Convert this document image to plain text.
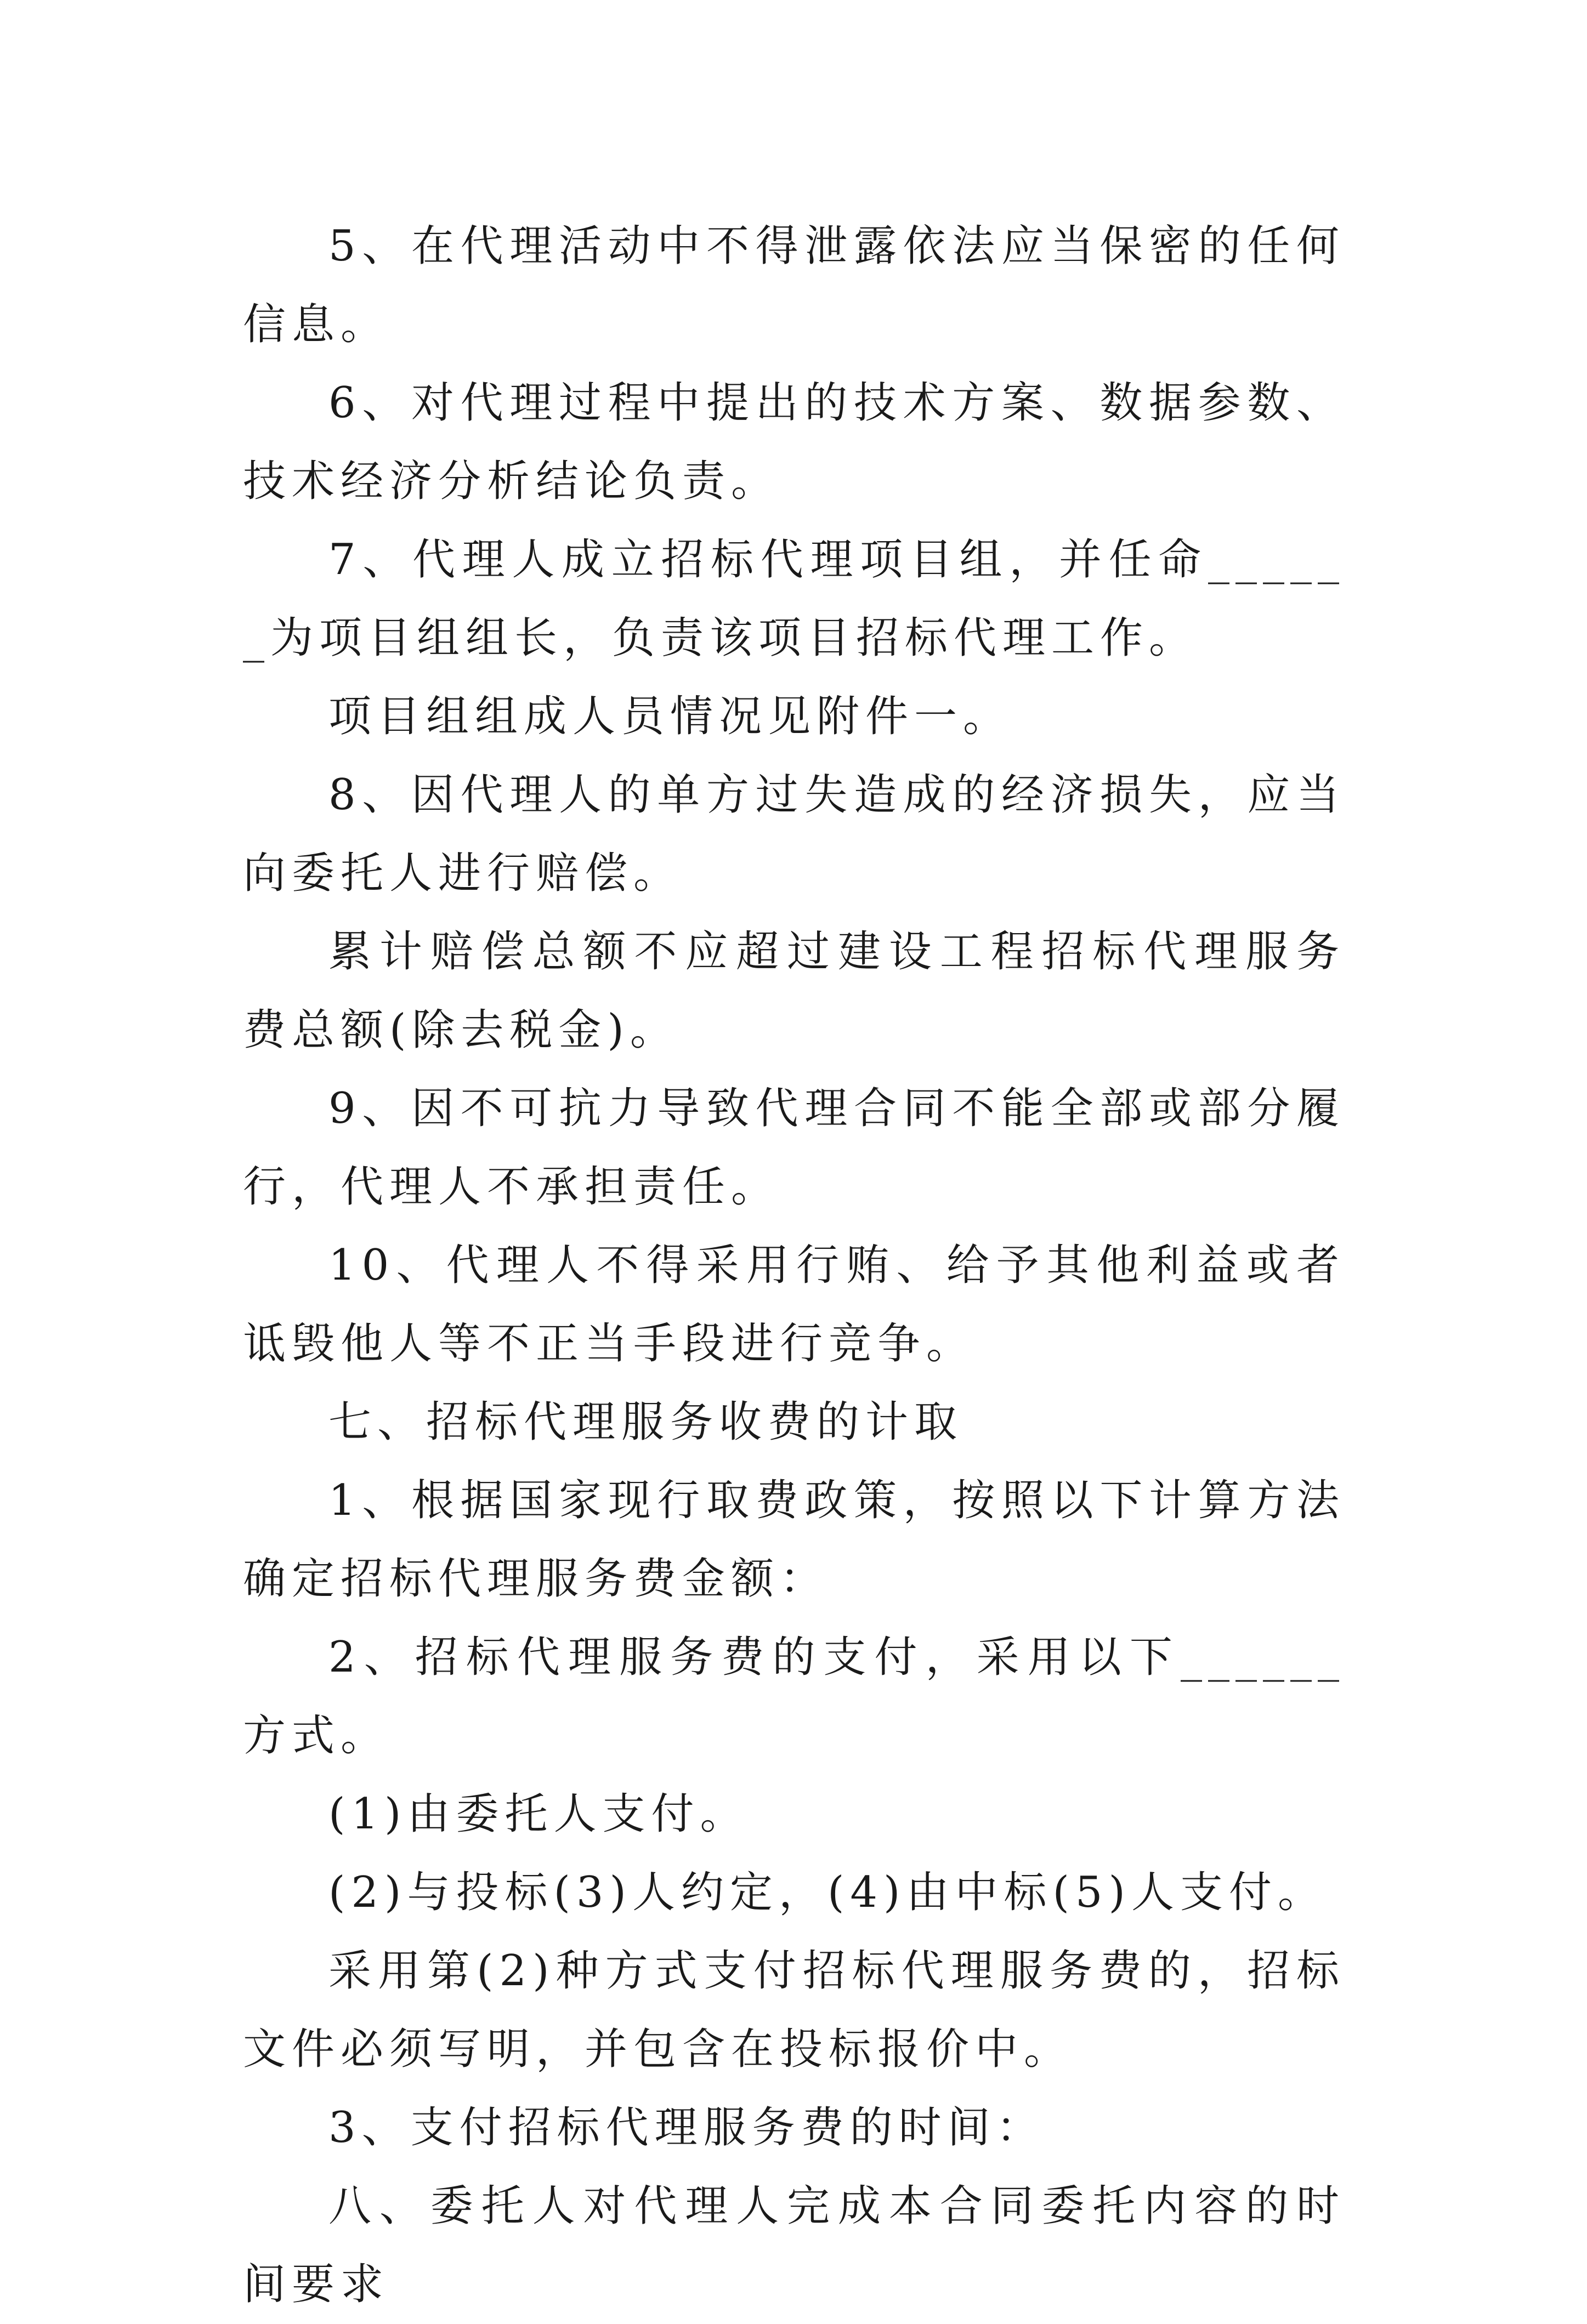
5、在代理活动中不得泄露依法应当保密的任何信息。

6、对代理过程中提出的技术方案、数据参数、技术经济分析结论负责。

7、代理人成立招标代理项目组，并任命______为项目组组长，负责该项目招标代理工作。

项目组组成人员情况见附件一。

8、因代理人的单方过失造成的经济损失，应当向委托人进行赔偿。

累计赔偿总额不应超过建设工程招标代理服务费总额(除去税金)。

9、因不可抗力导致代理合同不能全部或部分履行，代理人不承担责任。

10、代理人不得采用行贿、给予其他利益或者诋毁他人等不正当手段进行竞争。

七、招标代理服务收费的计取

1、根据国家现行取费政策，按照以下计算方法确定招标代理服务费金额：

2、招标代理服务费的支付，采用以下______方式。

(1)由委托人支付。

(2)与投标(3)人约定，(4)由中标(5)人支付。

采用第(2)种方式支付招标代理服务费的，招标文件必须写明，并包含在投标报价中。

3、支付招标代理服务费的时间：

八、委托人对代理人完成本合同委托内容的时间要求
